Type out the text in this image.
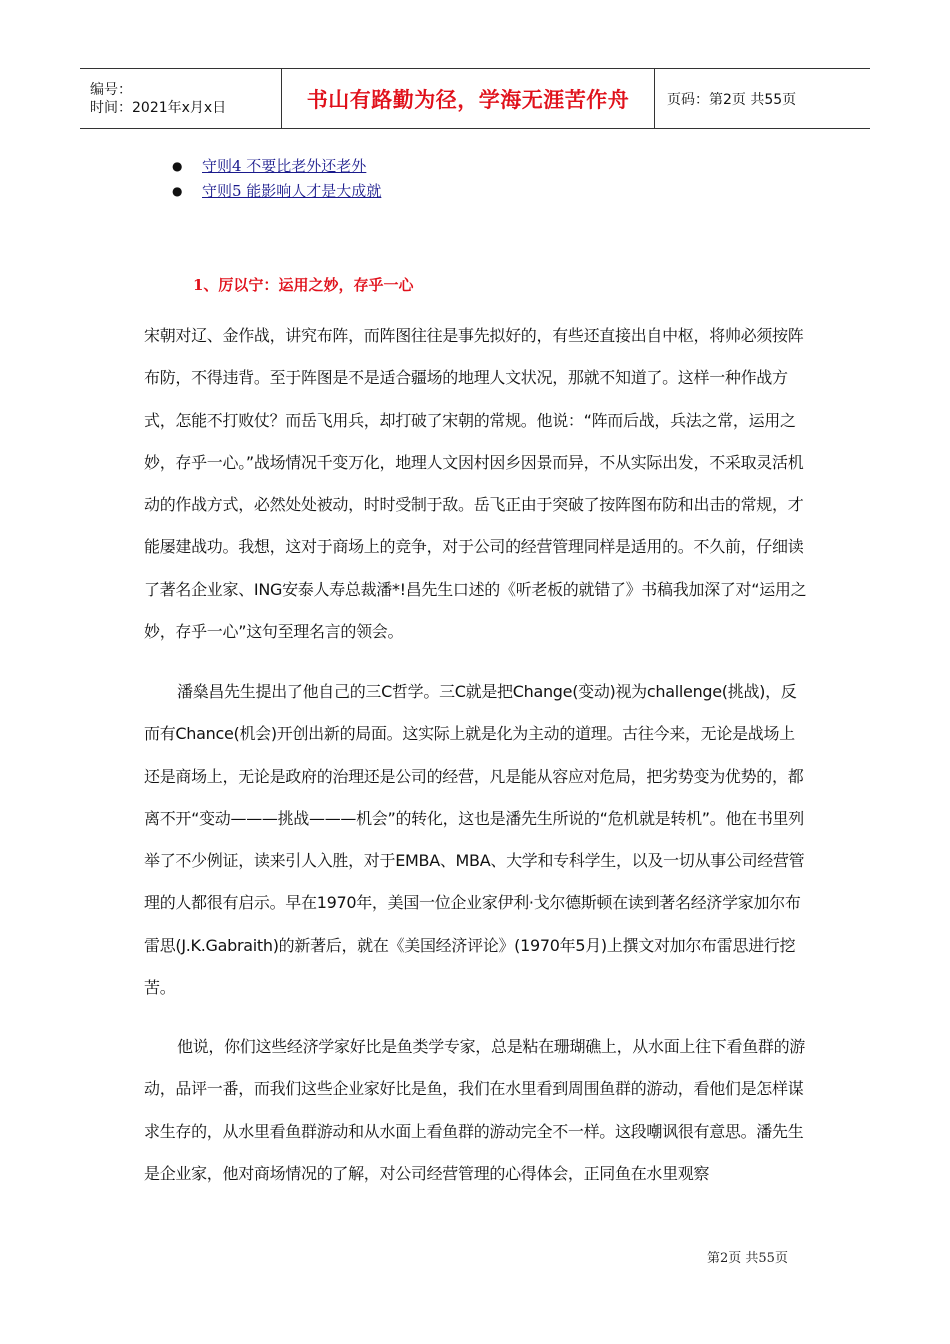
编号：
时间：2021年x月x日	书山有路勤为径，学海无涯苦作舟	页码：第2页 共55页
● 守则4 不要比老外还老外
● 守则5 能影响人才是大成就
1、厉以宁：运用之妙，存乎一心

宋朝对辽、金作战，讲究布阵，而阵图往往是事先拟好的，有些还直接出自中枢，将帅必须按阵布防，不得违背。至于阵图是不是适合疆场的地理人文状况，那就不知道了。这样一种作战方式，怎能不打败仗？而岳飞用兵，却打破了宋朝的常规。他说：“阵而后战，兵法之常，运用之妙，存乎一心。”战场情况千变万化，地理人文因村因乡因景而异，不从实际出发，不采取灵活机动的作战方式，必然处处被动，时时受制于敌。岳飞正由于突破了按阵图布防和出击的常规，才能屡建战功。我想，这对于商场上的竞争，对于公司的经营管理同样是适用的。不久前，仔细读了著名企业家、ING安泰人寿总裁潘*!昌先生口述的《听老板的就错了》书稿我加深了对“运用之妙，存乎一心”这句至理名言的领会。

潘燊昌先生提出了他自己的三C哲学。三C就是把Change(变动)视为challenge(挑战)，反而有Chance(机会)开创出新的局面。这实际上就是化为主动的道理。古往今来，无论是战场上还是商场上，无论是政府的治理还是公司的经营，凡是能从容应对危局，把劣势变为优势的，都离不开“变动———挑战———机会”的转化，这也是潘先生所说的“危机就是转机”。他在书里列举了不少例证，读来引人入胜，对于EMBA、MBA、大学和专科学生，以及一切从事公司经营管理的人都很有启示。早在1970年，美国一位企业家伊利·戈尔德斯顿在读到著名经济学家加尔布雷思(J.K.Gabraith)的新著后，就在《美国经济评论》(1970年5月)上撰文对加尔布雷思进行挖苦。

他说，你们这些经济学家好比是鱼类学专家，总是粘在珊瑚礁上，从水面上往下看鱼群的游动，品评一番，而我们这些企业家好比是鱼，我们在水里看到周围鱼群的游动，看他们是怎样谋求生存的，从水里看鱼群游动和从水面上看鱼群的游动完全不一样。这段嘲讽很有意思。潘先生是企业家，他对商场情况的了解，对公司经营管理的心得体会，正同鱼在水里观察

第2页 共55页
